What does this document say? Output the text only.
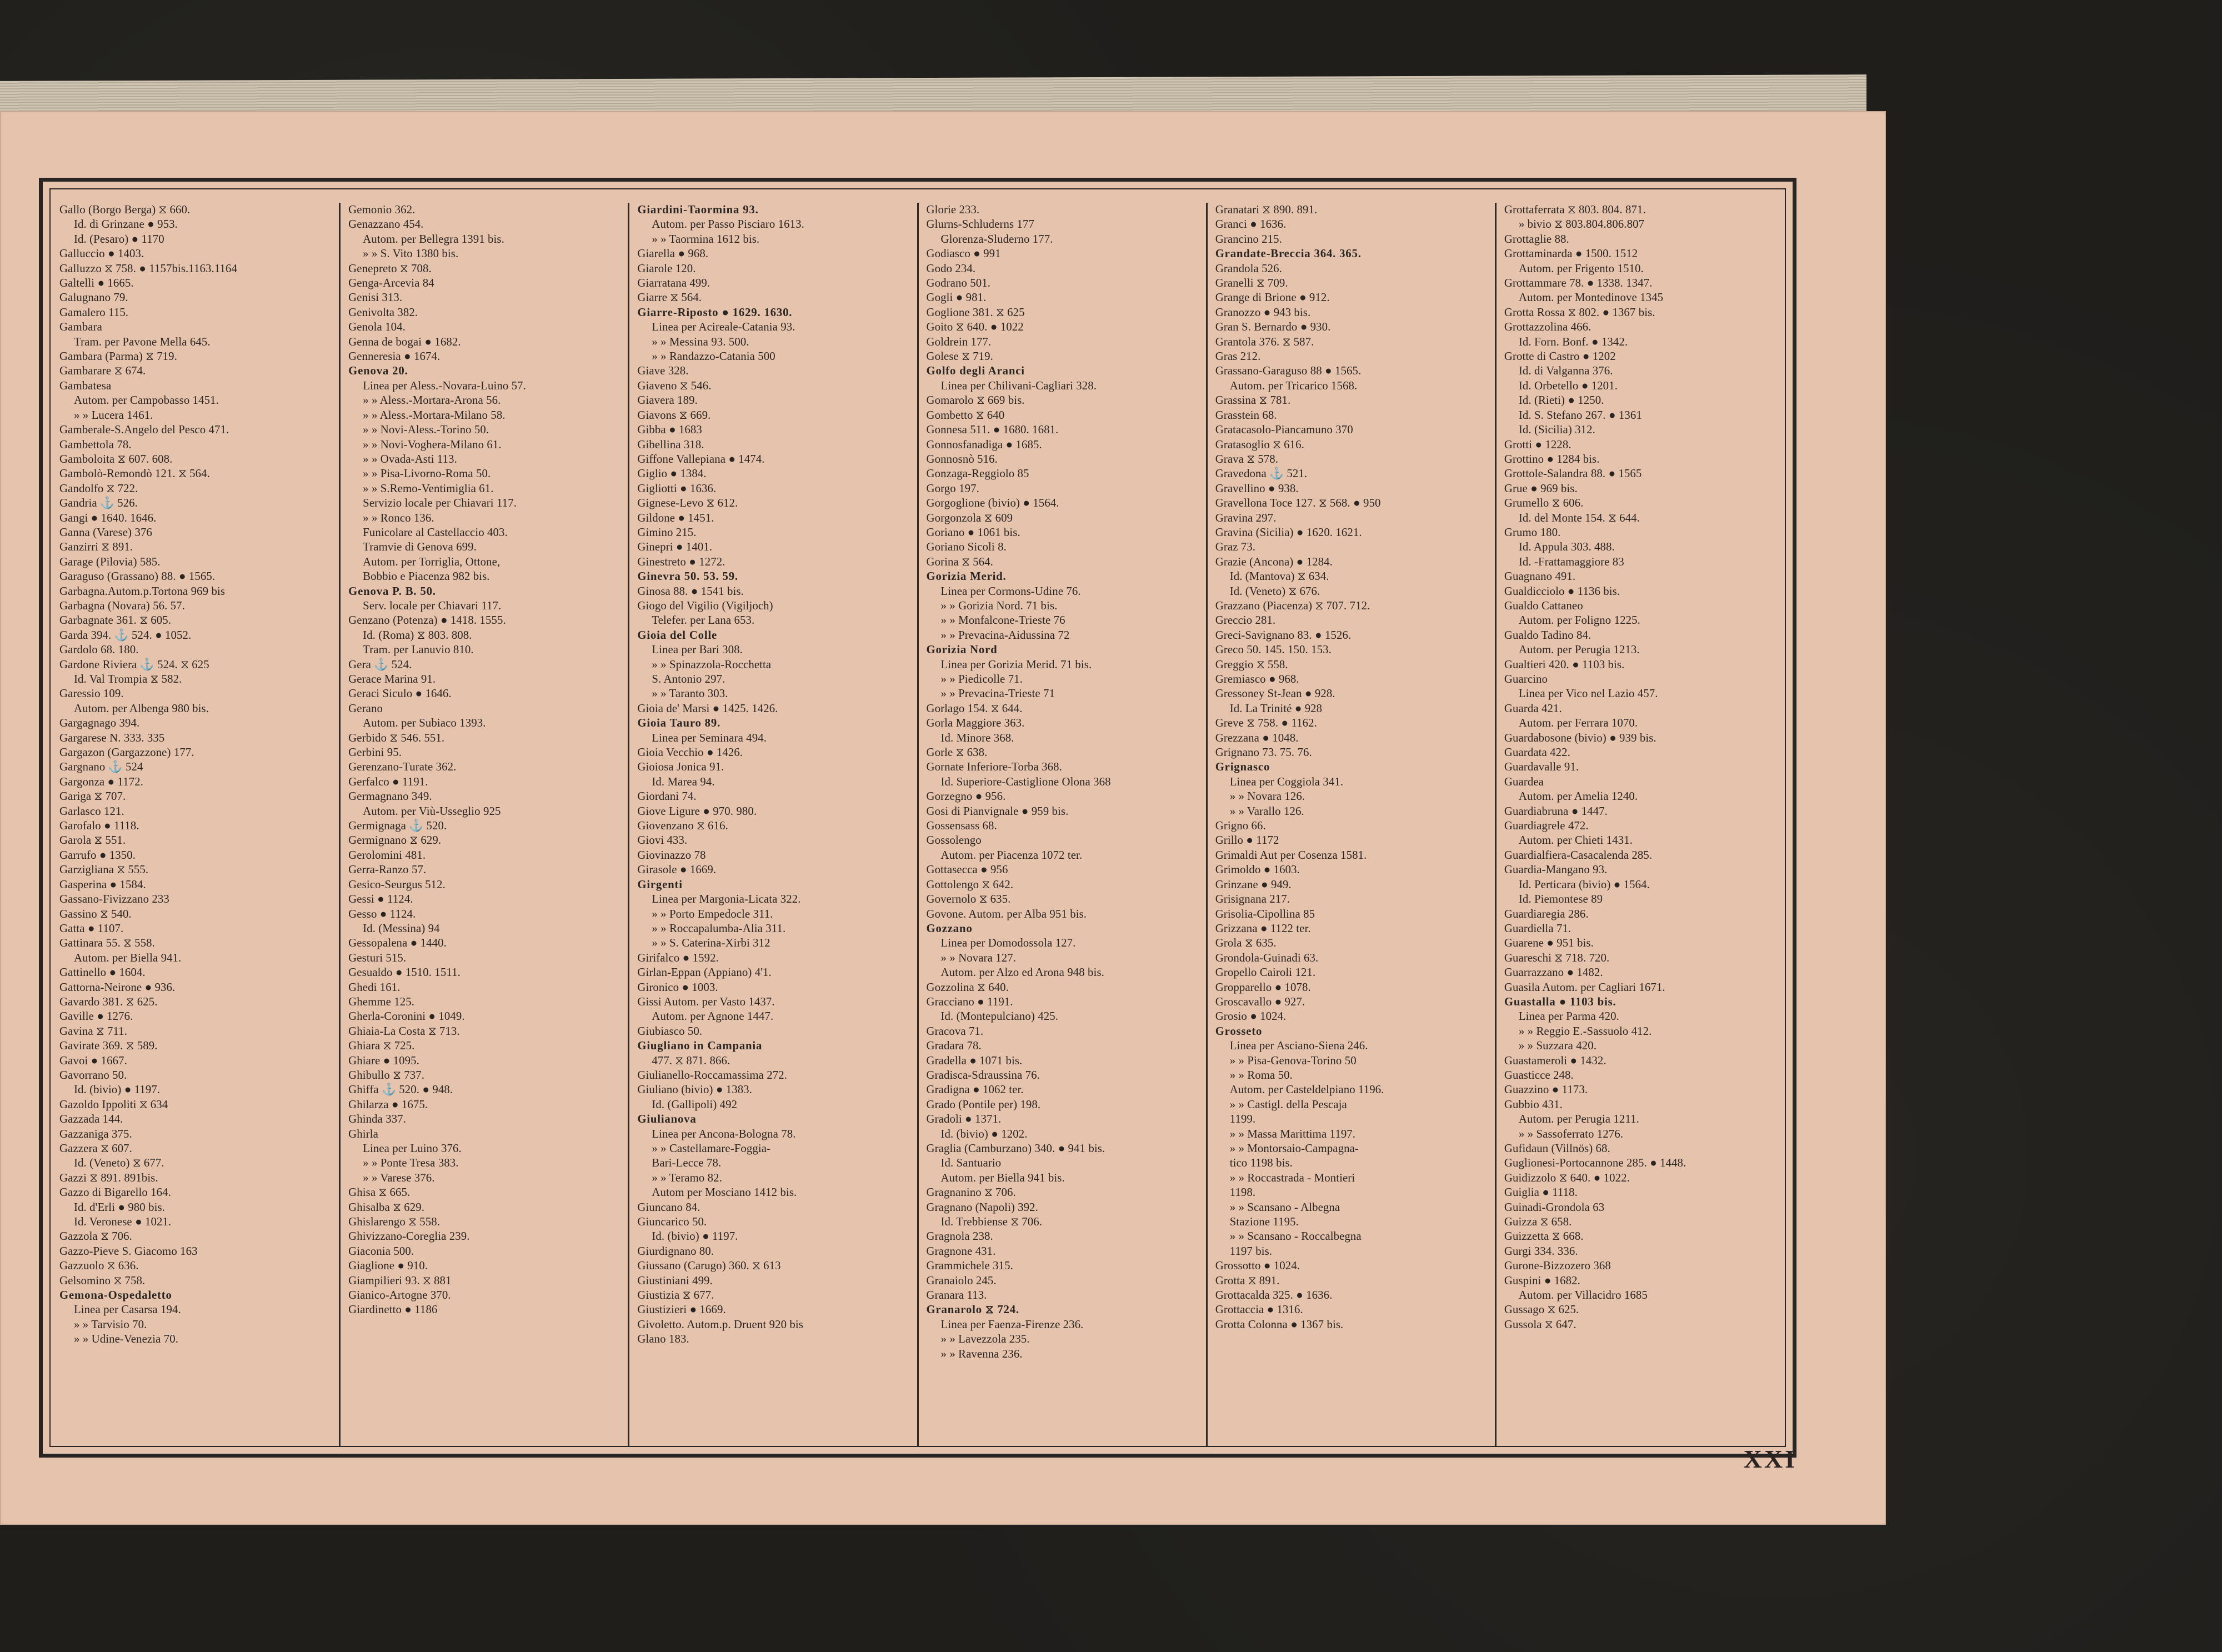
Gallo (Borgo Berga) ⧖ 660.
Id. di Grinzane ● 953.
Id. (Pesaro) ● 1170
Galluccio ● 1403.
Galluzzo ⧖ 758. ● 1157bis.1163.1164
Galtelli ● 1665.
Galugnano 79.
Gamalero 115.
Gambara
Tram. per Pavone Mella 645.
Gambara (Parma) ⧖ 719.
Gambarare ⧖ 674.
Gambatesa
Autom. per Campobasso 1451.
» » Lucera 1461.
Gamberale-S.Angelo del Pesco 471.
Gambettola 78.
Gamboloita ⧖ 607. 608.
Gambolò-Remondò 121. ⧖ 564.
Gandolfo ⧖ 722.
Gandria ⚓ 526.
Gangi ● 1640. 1646.
Ganna (Varese) 376
Ganzirri ⧖ 891.
Garage (Pilovia) 585.
Garaguso (Grassano) 88. ● 1565.
Garbagna.Autom.p.Tortona 969 bis
Garbagna (Novara) 56. 57.
Garbagnate 361. ⧖ 605.
Garda 394. ⚓ 524. ● 1052.
Gardolo 68. 180.
Gardone Riviera ⚓ 524. ⧖ 625
Id. Val Trompia ⧖ 582.
Garessio 109.
Autom. per Albenga 980 bis.
Gargagnago 394.
Gargarese N. 333. 335
Gargazon (Gargazzone) 177.
Gargnano ⚓ 524
Gargonza ● 1172.
Gariga ⧖ 707.
Garlasco 121.
Garofalo ● 1118.
Garola ⧖ 551.
Garrufo ● 1350.
Garzigliana ⧖ 555.
Gasperina ● 1584.
Gassano-Fivizzano 233
Gassino ⧖ 540.
Gatta ● 1107.
Gattinara 55. ⧖ 558.
Autom. per Biella 941.
Gattinello ● 1604.
Gattorna-Neirone ● 936.
Gavardo 381. ⧖ 625.
Gaville ● 1276.
Gavina ⧖ 711.
Gavirate 369. ⧖ 589.
Gavoi ● 1667.
Gavorrano 50.
Id. (bivio) ● 1197.
Gazoldo Ippoliti ⧖ 634
Gazzada 144.
Gazzaniga 375.
Gazzera ⧖ 607.
Id. (Veneto) ⧖ 677.
Gazzi ⧖ 891. 891bis.
Gazzo di Bigarello 164.
Id. d'Erli ● 980 bis.
Id. Veronese ● 1021.
Gazzola ⧖ 706.
Gazzo-Pieve S. Giacomo 163
Gazzuolo ⧖ 636.
Gelsomino ⧖ 758.
Gemona-Ospedaletto
Linea per Casarsa 194.
» » Tarvisio 70.
» » Udine-Venezia 70.
Gemonio 362.
Genazzano 454.
Autom. per Bellegra 1391 bis.
» » S. Vito 1380 bis.
Genepreto ⧖ 708.
Genga-Arcevia 84
Genisi 313.
Genivolta 382.
Genola 104.
Genna de bogai ● 1682.
Genneresia ● 1674.
Genova 20.
Linea per Aless.-Novara-Luino 57.
» » Aless.-Mortara-Arona 56.
» » Aless.-Mortara-Milano 58.
» » Novi-Aless.-Torino 50.
» » Novi-Voghera-Milano 61.
» » Ovada-Asti 113.
» » Pisa-Livorno-Roma 50.
» » S.Remo-Ventimiglia 61.
Servizio locale per Chiavari 117.
» » Ronco 136.
Funicolare al Castellaccio 403.
Tramvie di Genova 699.
Autom. per Torriglia, Ottone,
Bobbio e Piacenza 982 bis.
Genova P. B. 50.
Serv. locale per Chiavari 117.
Genzano (Potenza) ● 1418. 1555.
Id. (Roma) ⧖ 803. 808.
Tram. per Lanuvio 810.
Gera ⚓ 524.
Gerace Marina 91.
Geraci Siculo ● 1646.
Gerano
Autom. per Subiaco 1393.
Gerbido ⧖ 546. 551.
Gerbini 95.
Gerenzano-Turate 362.
Gerfalco ● 1191.
Germagnano 349.
Autom. per Viù-Usseglio 925
Germignaga ⚓ 520.
Germignano ⧖ 629.
Gerolomini 481.
Gerra-Ranzo 57.
Gesico-Seurgus 512.
Gessi ● 1124.
Gesso ● 1124.
Id. (Messina) 94
Gessopalena ● 1440.
Gesturi 515.
Gesualdo ● 1510. 1511.
Ghedi 161.
Ghemme 125.
Gherla-Coronini ● 1049.
Ghiaia-La Costa ⧖ 713.
Ghiara ⧖ 725.
Ghiare ● 1095.
Ghibullo ⧖ 737.
Ghiffa ⚓ 520. ● 948.
Ghilarza ● 1675.
Ghinda 337.
Ghirla
Linea per Luino 376.
» » Ponte Tresa 383.
» » Varese 376.
Ghisa ⧖ 665.
Ghisalba ⧖ 629.
Ghislarengo ⧖ 558.
Ghivizzano-Coreglia 239.
Giaconia 500.
Giaglione ● 910.
Giampilieri 93. ⧖ 881
Gianico-Artogne 370.
Giardinetto ● 1186
Giardini-Taormina 93.
Autom. per Passo Pisciaro 1613.
» » Taormina 1612 bis.
Giarella ● 968.
Giarole 120.
Giarratana 499.
Giarre ⧖ 564.
Giarre-Riposto ● 1629. 1630.
Linea per Acireale-Catania 93.
» » Messina 93. 500.
» » Randazzo-Catania 500
Giave 328.
Giaveno ⧖ 546.
Giavera 189.
Giavons ⧖ 669.
Gibba ● 1683
Gibellina 318.
Giffone Vallepiana ● 1474.
Giglio ● 1384.
Gigliotti ● 1636.
Gignese-Levo ⧖ 612.
Gildone ● 1451.
Gimino 215.
Ginepri ● 1401.
Ginestreto ● 1272.
Ginevra 50. 53. 59.
Ginosa 88. ● 1541 bis.
Giogo del Vigilio (Vigiljoch)
Telefer. per Lana 653.
Gioia del Colle
Linea per Bari 308.
» » Spinazzola-Rocchetta
S. Antonio 297.
» » Taranto 303.
Gioia de' Marsi ● 1425. 1426.
Gioia Tauro 89.
Linea per Seminara 494.
Gioia Vecchio ● 1426.
Gioiosa Jonica 91.
Id. Marea 94.
Giordani 74.
Giove Ligure ● 970. 980.
Giovenzano ⧖ 616.
Giovi 433.
Giovinazzo 78
Girasole ● 1669.
Girgenti
Linea per Margonia-Licata 322.
» » Porto Empedocle 311.
» » Roccapalumba-Alia 311.
» » S. Caterina-Xirbi 312
Girifalco ● 1592.
Girlan-Eppan (Appiano) 4'1.
Gironico ● 1003.
Gissi Autom. per Vasto 1437.
Autom. per Agnone 1447.
Giubiasco 50.
Giugliano in Campania
477. ⧖ 871. 866.
Giulianello-Roccamassima 272.
Giuliano (bivio) ● 1383.
Id. (Gallipoli) 492
Giulianova
Linea per Ancona-Bologna 78.
» » Castellamare-Foggia-
Bari-Lecce 78.
» » Teramo 82.
Autom per Mosciano 1412 bis.
Giuncano 84.
Giuncarico 50.
Id. (bivio) ● 1197.
Giurdignano 80.
Giussano (Carugo) 360. ⧖ 613
Giustiniani 499.
Giustizia ⧖ 677.
Giustizieri ● 1669.
Givoletto. Autom.p. Druent 920 bis
Glano 183.
Glorie 233.
Glurns-Schluderns 177
Glorenza-Sluderno 177.
Godiasco ● 991
Godo 234.
Godrano 501.
Gogli ● 981.
Goglione 381. ⧖ 625
Goito ⧖ 640. ● 1022
Goldrein 177.
Golese ⧖ 719.
Golfo degli Aranci
Linea per Chilivani-Cagliari 328.
Gomarolo ⧖ 669 bis.
Gombetto ⧖ 640
Gonnesa 511. ● 1680. 1681.
Gonnosfanadiga ● 1685.
Gonnosnò 516.
Gonzaga-Reggiolo 85
Gorgo 197.
Gorgoglione (bivio) ● 1564.
Gorgonzola ⧖ 609
Goriano ● 1061 bis.
Goriano Sicoli 8.
Gorina ⧖ 564.
Gorizia Merid.
Linea per Cormons-Udine 76.
» » Gorizia Nord. 71 bis.
» » Monfalcone-Trieste 76
» » Prevacina-Aidussina 72
Gorizia Nord
Linea per Gorizia Merid. 71 bis.
» » Piedicolle 71.
» » Prevacina-Trieste 71
Gorlago 154. ⧖ 644.
Gorla Maggiore 363.
Id. Minore 368.
Gorle ⧖ 638.
Gornate Inferiore-Torba 368.
Id. Superiore-Castiglione Olona 368
Gorzegno ● 956.
Gosi di Pianvignale ● 959 bis.
Gossensass 68.
Gossolengo
Autom. per Piacenza 1072 ter.
Gottasecca ● 956
Gottolengo ⧖ 642.
Governolo ⧖ 635.
Govone. Autom. per Alba 951 bis.
Gozzano
Linea per Domodossola 127.
» » Novara 127.
Autom. per Alzo ed Arona 948 bis.
Gozzolina ⧖ 640.
Gracciano ● 1191.
Id. (Montepulciano) 425.
Gracova 71.
Gradara 78.
Gradella ● 1071 bis.
Gradisca-Sdraussina 76.
Gradigna ● 1062 ter.
Grado (Pontile per) 198.
Gradoli ● 1371.
Id. (bivio) ● 1202.
Graglia (Camburzano) 340. ● 941 bis.
Id. Santuario
Autom. per Biella 941 bis.
Gragnanino ⧖ 706.
Gragnano (Napoli) 392.
Id. Trebbiense ⧖ 706.
Gragnola 238.
Gragnone 431.
Grammichele 315.
Granaiolo 245.
Granara 113.
Granarolo ⧖ 724.
Linea per Faenza-Firenze 236.
» » Lavezzola 235.
» » Ravenna 236.
Granatari ⧖ 890. 891.
Granci ● 1636.
Grancino 215.
Grandate-Breccia 364. 365.
Grandola 526.
Granelli ⧖ 709.
Grange di Brione ● 912.
Granozzo ● 943 bis.
Gran S. Bernardo ● 930.
Grantola 376. ⧖ 587.
Gras 212.
Grassano-Garaguso 88 ● 1565.
Autom. per Tricarico 1568.
Grassina ⧖ 781.
Grasstein 68.
Gratacasolo-Piancamuno 370
Gratasoglio ⧖ 616.
Grava ⧖ 578.
Gravedona ⚓ 521.
Gravellino ● 938.
Gravellona Toce 127. ⧖ 568. ● 950
Gravina 297.
Gravina (Sicilia) ● 1620. 1621.
Graz 73.
Grazie (Ancona) ● 1284.
Id. (Mantova) ⧖ 634.
Id. (Veneto) ⧖ 676.
Grazzano (Piacenza) ⧖ 707. 712.
Greccio 281.
Greci-Savignano 83. ● 1526.
Greco 50. 145. 150. 153.
Greggio ⧖ 558.
Gremiasco ● 968.
Gressoney St-Jean ● 928.
Id. La Trinité ● 928
Greve ⧖ 758. ● 1162.
Grezzana ● 1048.
Grignano 73. 75. 76.
Grignasco
Linea per Coggiola 341.
» » Novara 126.
» » Varallo 126.
Grigno 66.
Grillo ● 1172
Grimaldi Aut per Cosenza 1581.
Grimoldo ● 1603.
Grinzane ● 949.
Grisignana 217.
Grisolia-Cipollina 85
Grizzana ● 1122 ter.
Grola ⧖ 635.
Grondola-Guinadi 63.
Gropello Cairoli 121.
Gropparello ● 1078.
Groscavallo ● 927.
Grosio ● 1024.
Grosseto
Linea per Asciano-Siena 246.
» » Pisa-Genova-Torino 50
» » Roma 50.
Autom. per Casteldelpiano 1196.
» » Castigl. della Pescaja
1199.
» » Massa Marittima 1197.
» » Montorsaio-Campagna-
tico 1198 bis.
» » Roccastrada - Montieri
1198.
» » Scansano - Albegna
Stazione 1195.
» » Scansano - Roccalbegna
1197 bis.
Grossotto ● 1024.
Grotta ⧖ 891.
Grottacalda 325. ● 1636.
Grottaccia ● 1316.
Grotta Colonna ● 1367 bis.
Grottaferrata ⧖ 803. 804. 871.
» bivio ⧖ 803.804.806.807
Grottaglie 88.
Grottaminarda ● 1500. 1512
Autom. per Frigento 1510.
Grottammare 78. ● 1338. 1347.
Autom. per Montedinove 1345
Grotta Rossa ⧖ 802. ● 1367 bis.
Grottazzolina 466.
Id. Forn. Bonf. ● 1342.
Grotte di Castro ● 1202
Id. di Valganna 376.
Id. Orbetello ● 1201.
Id. (Rieti) ● 1250.
Id. S. Stefano 267. ● 1361
Id. (Sicilia) 312.
Grotti ● 1228.
Grottino ● 1284 bis.
Grottole-Salandra 88. ● 1565
Grue ● 969 bis.
Grumello ⧖ 606.
Id. del Monte 154. ⧖ 644.
Grumo 180.
Id. Appula 303. 488.
Id. -Frattamaggiore 83
Guagnano 491.
Gualdicciolo ● 1136 bis.
Gualdo Cattaneo
Autom. per Foligno 1225.
Gualdo Tadino 84.
Autom. per Perugia 1213.
Gualtieri 420. ● 1103 bis.
Guarcino
Linea per Vico nel Lazio 457.
Guarda 421.
Autom. per Ferrara 1070.
Guardabosone (bivio) ● 939 bis.
Guardata 422.
Guardavalle 91.
Guardea
Autom. per Amelia 1240.
Guardiabruna ● 1447.
Guardiagrele 472.
Autom. per Chieti 1431.
Guardialfiera-Casacalenda 285.
Guardia-Mangano 93.
Id. Perticara (bivio) ● 1564.
Id. Piemontese 89
Guardiaregia 286.
Guardiella 71.
Guarene ● 951 bis.
Guareschi ⧖ 718. 720.
Guarrazzano ● 1482.
Guasila Autom. per Cagliari 1671.
Guastalla ● 1103 bis.
Linea per Parma 420.
» » Reggio E.-Sassuolo 412.
» » Suzzara 420.
Guastameroli ● 1432.
Guasticce 248.
Guazzino ● 1173.
Gubbio 431.
Autom. per Perugia 1211.
» » Sassoferrato 1276.
Gufidaun (Villnös) 68.
Guglionesi-Portocannone 285. ● 1448.
Guidizzolo ⧖ 640. ● 1022.
Guiglia ● 1118.
Guinadi-Grondola 63
Guizza ⧖ 658.
Guizzetta ⧖ 668.
Gurgi 334. 336.
Gurone-Bizzozero 368
Guspini ● 1682.
Autom. per Villacidro 1685
Gussago ⧖ 625.
Gussola ⧖ 647.
XXI
